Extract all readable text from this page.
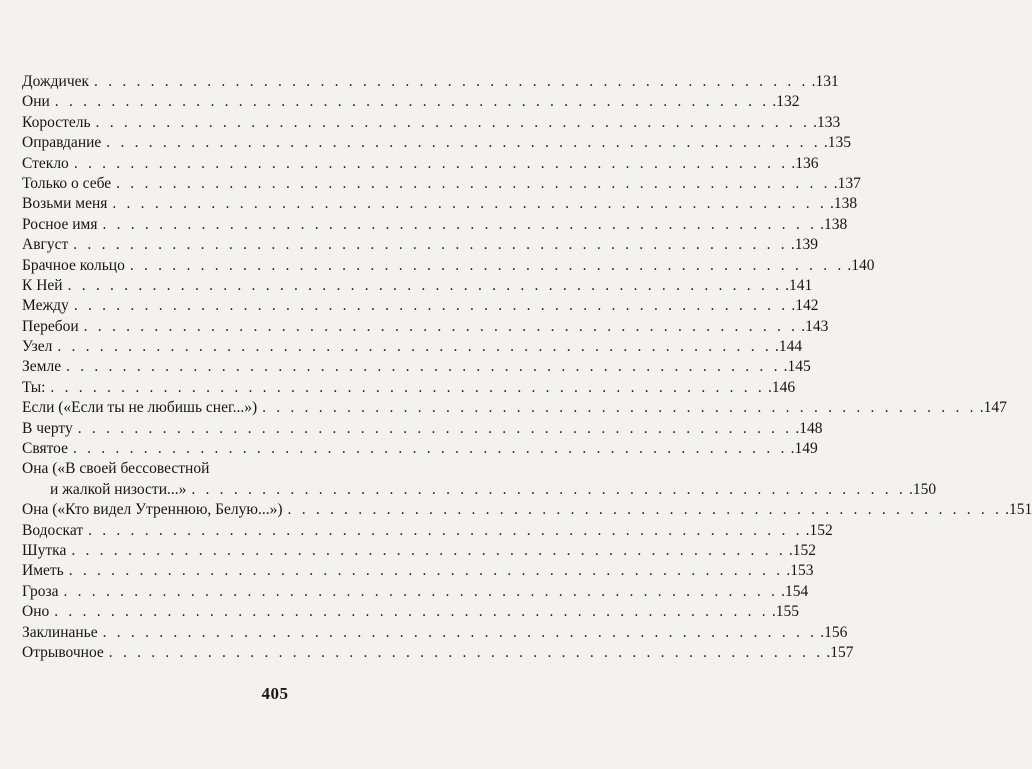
Дождичек . . . . . . . . . . . . . . . . . . . . . . . . . . . . . . . . . . . . . . . . . . . . . . . . . . . .131
Они . . . . . . . . . . . . . . . . . . . . . . . . . . . . . . . . . . . . . . . . . . . . . . . . . . . .132
Коростель . . . . . . . . . . . . . . . . . . . . . . . . . . . . . . . . . . . . . . . . . . . . . . . . . . . .133
Оправдание . . . . . . . . . . . . . . . . . . . . . . . . . . . . . . . . . . . . . . . . . . . . . . . . . . . .135
Стекло . . . . . . . . . . . . . . . . . . . . . . . . . . . . . . . . . . . . . . . . . . . . . . . . . . . .136
Только о себе . . . . . . . . . . . . . . . . . . . . . . . . . . . . . . . . . . . . . . . . . . . . . . . . . . . .137
Возьми меня . . . . . . . . . . . . . . . . . . . . . . . . . . . . . . . . . . . . . . . . . . . . . . . . . . . .138
Росное имя . . . . . . . . . . . . . . . . . . . . . . . . . . . . . . . . . . . . . . . . . . . . . . . . . . . .138
Август . . . . . . . . . . . . . . . . . . . . . . . . . . . . . . . . . . . . . . . . . . . . . . . . . . . .139
Брачное кольцо . . . . . . . . . . . . . . . . . . . . . . . . . . . . . . . . . . . . . . . . . . . . . . . . . . . .140
К Ней . . . . . . . . . . . . . . . . . . . . . . . . . . . . . . . . . . . . . . . . . . . . . . . . . . . .141
Между . . . . . . . . . . . . . . . . . . . . . . . . . . . . . . . . . . . . . . . . . . . . . . . . . . . .142
Перебои . . . . . . . . . . . . . . . . . . . . . . . . . . . . . . . . . . . . . . . . . . . . . . . . . . . .143
Узел . . . . . . . . . . . . . . . . . . . . . . . . . . . . . . . . . . . . . . . . . . . . . . . . . . . .144
Земле . . . . . . . . . . . . . . . . . . . . . . . . . . . . . . . . . . . . . . . . . . . . . . . . . . . .145
Ты: . . . . . . . . . . . . . . . . . . . . . . . . . . . . . . . . . . . . . . . . . . . . . . . . . . . .146
Если («Если ты не любишь снег...») . . . . . . . . . . . . . . . . . . . . . . . . . . . . . . . . . . . . . . . . . . . . . . . . . . . .147
В черту . . . . . . . . . . . . . . . . . . . . . . . . . . . . . . . . . . . . . . . . . . . . . . . . . . . .148
Святое . . . . . . . . . . . . . . . . . . . . . . . . . . . . . . . . . . . . . . . . . . . . . . . . . . . .149
Она («В своей бессовестной
и жалкой низости...» . . . . . . . . . . . . . . . . . . . . . . . . . . . . . . . . . . . . . . . . . . . . . . . . . . . .150
Она («Кто видел Утреннюю, Белую...») . . . . . . . . . . . . . . . . . . . . . . . . . . . . . . . . . . . . . . . . . . . . . . . . . . . .151
Водоскат . . . . . . . . . . . . . . . . . . . . . . . . . . . . . . . . . . . . . . . . . . . . . . . . . . . .152
Шутка . . . . . . . . . . . . . . . . . . . . . . . . . . . . . . . . . . . . . . . . . . . . . . . . . . . .152
Иметь . . . . . . . . . . . . . . . . . . . . . . . . . . . . . . . . . . . . . . . . . . . . . . . . . . . .153
Гроза . . . . . . . . . . . . . . . . . . . . . . . . . . . . . . . . . . . . . . . . . . . . . . . . . . . .154
Оно . . . . . . . . . . . . . . . . . . . . . . . . . . . . . . . . . . . . . . . . . . . . . . . . . . . .155
Заклинанье . . . . . . . . . . . . . . . . . . . . . . . . . . . . . . . . . . . . . . . . . . . . . . . . . . . .156
Отрывочное . . . . . . . . . . . . . . . . . . . . . . . . . . . . . . . . . . . . . . . . . . . . . . . . . . . .157
405
